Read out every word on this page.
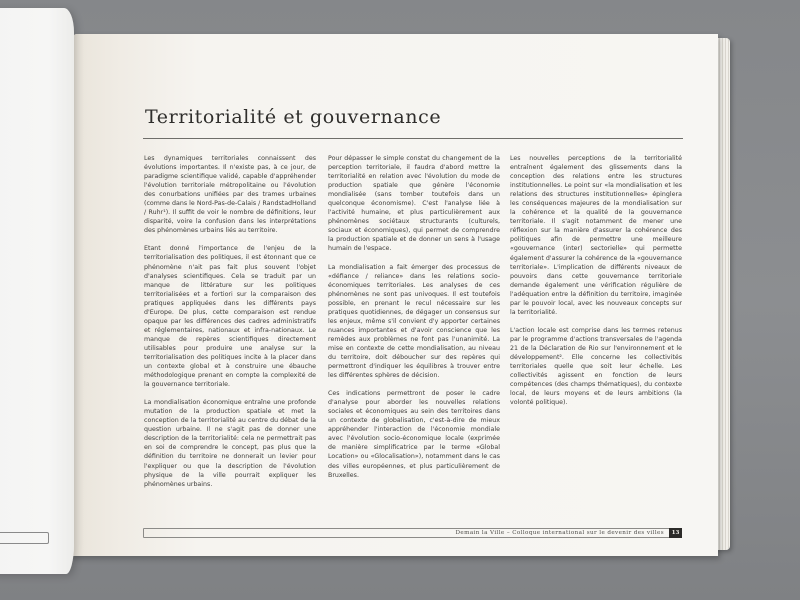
Territorialité et gouvernance

Les dynamiques territoriales connaissent des évolutions importantes. Il n'existe pas, à ce jour, de paradigme scientifique validé, capable d'appréhender l'évolution territoriale métropolitaine ou l'évolution des conurbations unifiées par des trames urbaines (comme dans le Nord-Pas-de-Calais / RandstadHolland / Ruhr¹). Il suffit de voir le nombre de définitions, leur disparité, voire la confusion dans les interprétations des phénomènes urbains liés au territoire.

Etant donné l'importance de l'enjeu de la territorialisation des politiques, il est étonnant que ce phénomène n'ait pas fait plus souvent l'objet d'analyses scientifiques. Cela se traduit par un manque de littérature sur les politiques territorialisées et a fortiori sur la comparaison des pratiques appliquées dans les différents pays d'Europe. De plus, cette comparaison est rendue opaque par les différences des cadres administratifs et réglementaires, nationaux et infra-nationaux. Le manque de repères scientifiques directement utilisables pour produire une analyse sur la territorialisation des politiques incite à la placer dans un contexte global et à construire une ébauche méthodologique prenant en compte la complexité de la gouvernance territoriale.

La mondialisation économique entraîne une profonde mutation de la production spatiale et met la conception de la territorialité au centre du débat de la question urbaine. Il ne s'agit pas de donner une description de la territorialité: cela ne permettrait pas en soi de comprendre le concept, pas plus que la définition du territoire ne donnerait un levier pour l'expliquer ou que la description de l'évolution physique de la ville pourrait expliquer les phénomènes urbains.

Pour dépasser le simple constat du changement de la perception territoriale, il faudra d'abord mettre la territorialité en relation avec l'évolution du mode de production spatiale que génère l'économie mondialisée (sans tomber toutefois dans un quelconque économisme). C'est l'analyse liée à l'activité humaine, et plus particulièrement aux phénomènes sociétaux structurants (culturels, sociaux et économiques), qui permet de comprendre la production spatiale et de donner un sens à l'usage humain de l'espace.

La mondialisation a fait émerger des processus de «défiance / reliance» dans les relations socio-économiques territoriales. Les analyses de ces phénomènes ne sont pas univoques. Il est toutefois possible, en prenant le recul nécessaire sur les pratiques quotidiennes, de dégager un consensus sur les enjeux, même s'il convient d'y apporter certaines nuances importantes et d'avoir conscience que les remèdes aux problèmes ne font pas l'unanimité. La mise en contexte de cette mondialisation, au niveau du territoire, doit déboucher sur des repères qui permettront d'indiquer les équilibres à trouver entre les différentes sphères de décision.

Ces indications permettront de poser le cadre d'analyse pour aborder les nouvelles relations sociales et économiques au sein des territoires dans un contexte de globalisation, c'est-à-dire de mieux appréhender l'interaction de l'économie mondiale avec l'évolution socio-économique locale (exprimée de manière simplificatrice par le terme «Global Location» ou «Glocalisation»), notamment dans le cas des villes européennes, et plus particulièrement de Bruxelles.

Les nouvelles perceptions de la territorialité entraînent également des glissements dans la conception des relations entre les structures institutionnelles. Le point sur «la mondialisation et les relations des structures institutionnelles» épinglera les conséquences majeures de la mondialisation sur la cohérence et la qualité de la gouvernance territoriale. Il s'agit notamment de mener une réflexion sur la manière d'assurer la cohérence des politiques afin de permettre une meilleure «gouvernance (inter) sectorielle» qui permette également d'assurer la cohérence de la «gouvernance territoriale». L'implication de différents niveaux de pouvoirs dans cette gouvernance territoriale demande également une vérification régulière de l'adéquation entre la définition du territoire, imaginée par le pouvoir local, avec les nouveaux concepts sur la territorialité.

L'action locale est comprise dans les termes retenus par le programme d'actions transversales de l'agenda 21 de la Déclaration de Rio sur l'environnement et le développement². Elle concerne les collectivités territoriales quelle que soit leur échelle. Les collectivités agissent en fonction de leurs compétences (des champs thématiques), du contexte local, de leurs moyens et de leurs ambitions (la volonté politique).

Demain la Ville – Colloque international sur le devenir des villes	13
